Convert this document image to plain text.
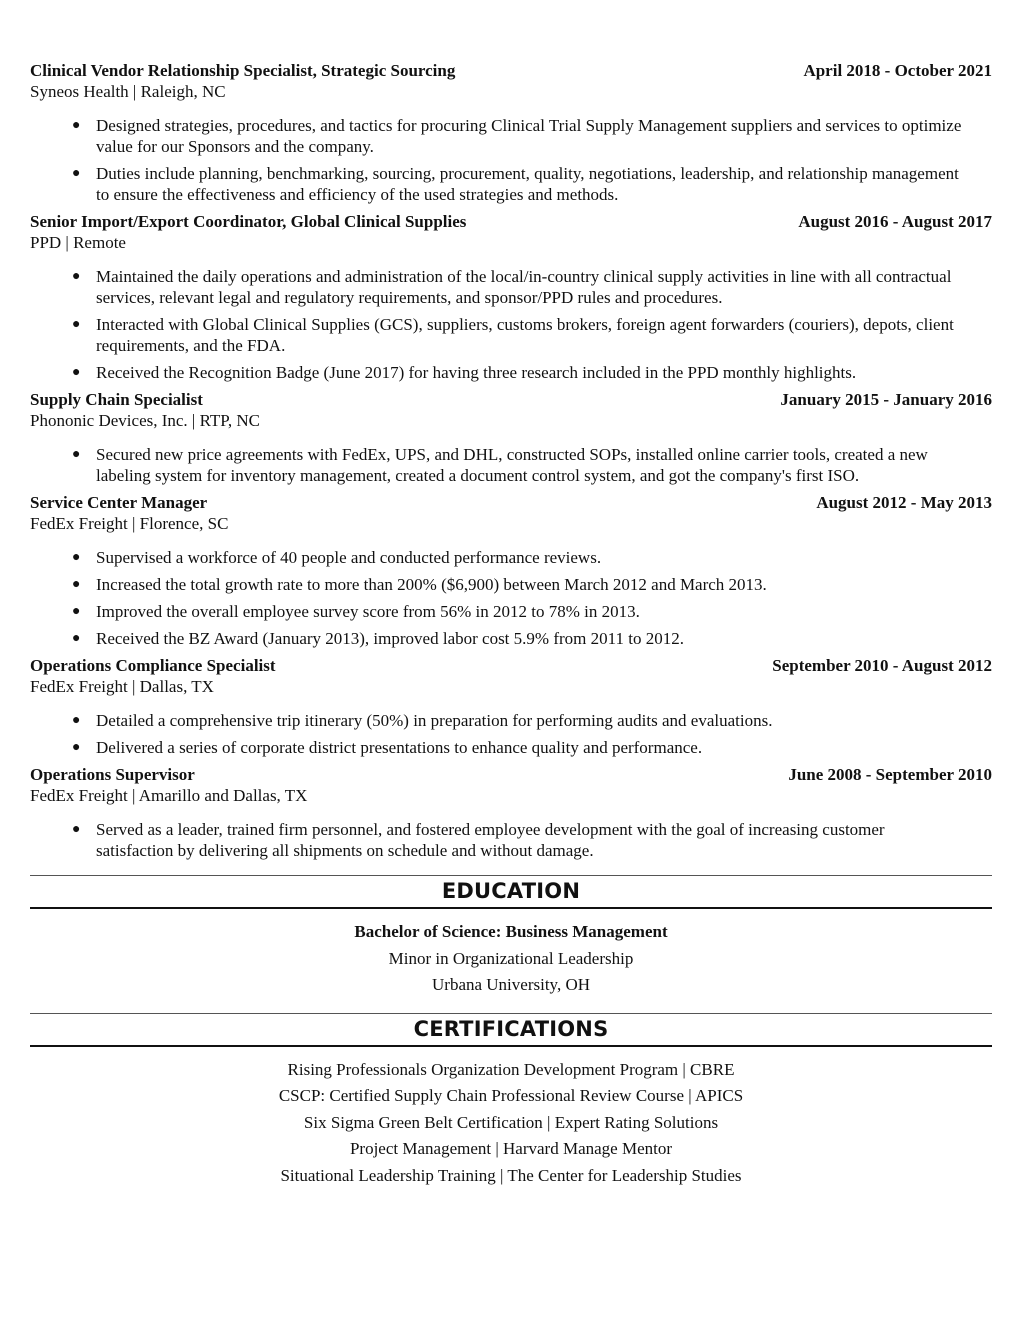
Clinical Vendor Relationship Specialist, Strategic Sourcing	April 2018 - October 2021
Syneos Health | Raleigh, NC
● Designed strategies, procedures, and tactics for procuring Clinical Trial Supply Management suppliers and services to optimize value for our Sponsors and the company.
● Duties include planning, benchmarking, sourcing, procurement, quality, negotiations, leadership, and relationship management to ensure the effectiveness and efficiency of the used strategies and methods.
Senior Import/Export Coordinator, Global Clinical Supplies	August 2016 - August 2017
PPD | Remote
● Maintained the daily operations and administration of the local/in-country clinical supply activities in line with all contractual services, relevant legal and regulatory requirements, and sponsor/PPD rules and procedures.
● Interacted with Global Clinical Supplies (GCS), suppliers, customs brokers, foreign agent forwarders (couriers), depots, client requirements, and the FDA.
● Received the Recognition Badge (June 2017) for having three research included in the PPD monthly highlights.
Supply Chain Specialist	January 2015 - January 2016
Phononic Devices, Inc. | RTP, NC
● Secured new price agreements with FedEx, UPS, and DHL, constructed SOPs, installed online carrier tools, created a new labeling system for inventory management, created a document control system, and got the company's first ISO.
Service Center Manager	August 2012 - May 2013
FedEx Freight | Florence, SC
● Supervised a workforce of 40 people and conducted performance reviews.
● Increased the total growth rate to more than 200% ($6,900) between March 2012 and March 2013.
● Improved the overall employee survey score from 56% in 2012 to 78% in 2013.
● Received the BZ Award (January 2013), improved labor cost 5.9% from 2011 to 2012.
Operations Compliance Specialist	September 2010 - August 2012
FedEx Freight | Dallas, TX
● Detailed a comprehensive trip itinerary (50%) in preparation for performing audits and evaluations.
● Delivered a series of corporate district presentations to enhance quality and performance.
Operations Supervisor	June 2008 - September 2010
FedEx Freight | Amarillo and Dallas, TX
● Served as a leader, trained firm personnel, and fostered employee development with the goal of increasing customer satisfaction by delivering all shipments on schedule and without damage.
EDUCATION
Bachelor of Science: Business Management
Minor in Organizational Leadership
Urbana University, OH
CERTIFICATIONS
Rising Professionals Organization Development Program | CBRE
CSCP: Certified Supply Chain Professional Review Course | APICS
Six Sigma Green Belt Certification | Expert Rating Solutions
Project Management | Harvard Manage Mentor
Situational Leadership Training | The Center for Leadership Studies
